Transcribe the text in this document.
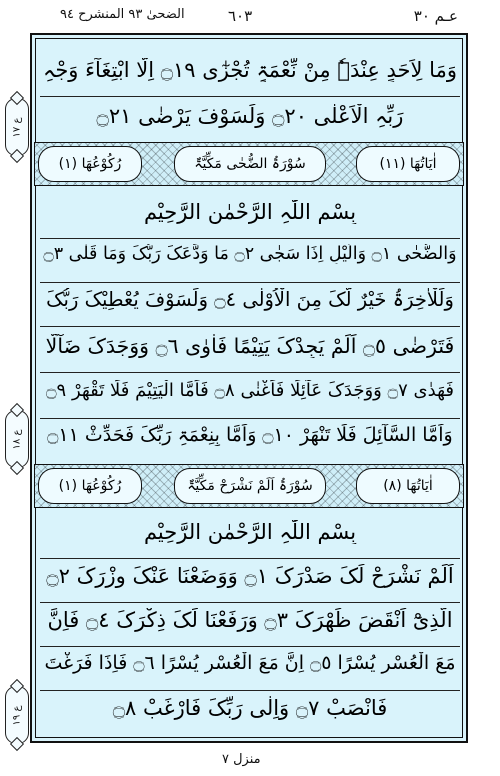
عـم ٣٠
٦٠٣
الضحیٰ ٩٣ المنشرح ٩٤
وَمَا لِاَحَدٍ عِنْدَہٗ مِنْ نِّعْمَۃٍ تُجْزٰٓی ۝١٩ اِلَّا ابْتِغَآءَ وَجْہِ
رَبِّہِ الْاَعْلٰی ۝٢٠ وَلَسَوْفَ یَرْضٰی ۝٢١
اٰیَاتُھَا (١١)
سُوْرَۃُ الضُّحٰی مَکِّیَّۃٌ
رُکُوْعُھَا (١)
بِسْمِ اللّٰہِ الرَّحْمٰنِ الرَّحِیْمِ
وَالضُّحٰی ۝١ وَالَّیْلِ اِذَا سَجٰی ۝٢ مَا وَدَّعَکَ رَبُّکَ وَمَا قَلٰی ۝٣
وَلَلْاٰخِرَۃُ خَیْرٌ لَّکَ مِنَ الْاُوْلٰی ۝٤ وَلَسَوْفَ یُعْطِیْکَ رَبُّکَ
فَتَرْضٰی ۝٥ اَلَمْ یَجِدْکَ یَتِیْمًا فَاٰوٰی ۝٦ وَوَجَدَکَ ضَآلًّا
فَھَدٰی ۝٧ وَوَجَدَکَ عَآئِلًا فَاَغْنٰی ۝٨ فَاَمَّا الْیَتِیْمَ فَلَا تَقْھَرْ ۝٩
وَاَمَّا السَّآئِلَ فَلَا تَنْھَرْ ۝١٠ وَاَمَّا بِنِعْمَۃِ رَبِّکَ فَحَدِّثْ ۝١١
اٰیَاتُھَا (٨)
سُوْرَۃُ اَلَمْ نَشْرَحْ مَکِّیَّۃٌ
رُکُوْعُھَا (١)
بِسْمِ اللّٰہِ الرَّحْمٰنِ الرَّحِیْمِ
اَلَمْ نَشْرَحْ لَکَ صَدْرَکَ ۝١ وَوَضَعْنَا عَنْکَ وِزْرَکَ ۝٢
الَّذِیْٓ اَنْقَضَ ظَھْرَکَ ۝٣ وَرَفَعْنَا لَکَ ذِکْرَکَ ۝٤ فَاِنَّ
مَعَ الْعُسْرِ یُسْرًا ۝٥ اِنَّ مَعَ الْعُسْرِ یُسْرًا ۝٦ فَاِذَا فَرَغْتَ
فَانْصَبْ ۝٧ وَاِلٰی رَبِّکَ فَارْغَبْ ۝٨
ع ١٧
ع ١٨
ع ١٩
منزل ٧
